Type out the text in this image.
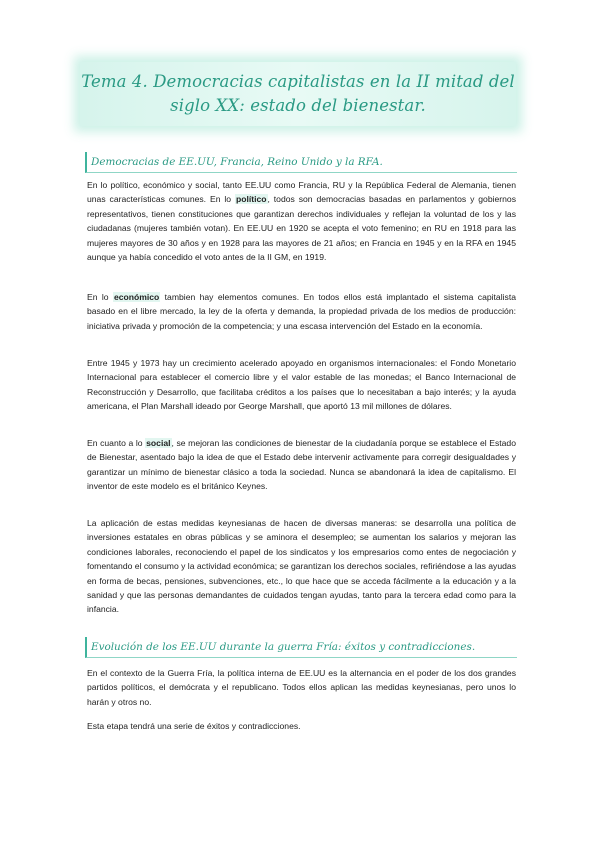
Tema 4. Democracias capitalistas en la II mitad del
siglo XX: estado del bienestar.
Democracias de EE.UU, Francia, Reino Unido y la RFA.

En lo político, económico y social, tanto EE.UU como Francia, RU y la República Federal de Alemania, tienen unas características comunes. En lo político, todos son democracias basadas en parlamentos y gobiernos representativos, tienen constituciones que garantizan derechos individuales y reflejan la voluntad de los y las ciudadanas (mujeres también votan). En EE.UU en 1920 se acepta el voto femenino; en RU en 1918 para las mujeres mayores de 30 años y en 1928 para las mayores de 21 años; en Francia en 1945 y en la RFA en 1945 aunque ya había concedido el voto antes de la II GM, en 1919.

En lo económico tambien hay elementos comunes. En todos ellos está implantado el sistema capitalista basado en el libre mercado, la ley de la oferta y demanda, la propiedad privada de los medios de producción: iniciativa privada y promoción de la competencia; y una escasa intervención del Estado en la economía.

Entre 1945 y 1973 hay un crecimiento acelerado apoyado en organismos internacionales: el Fondo Monetario Internacional para establecer el comercio libre y el valor estable de las monedas; el Banco Internacional de Reconstrucción y Desarrollo, que facilitaba créditos a los países que lo necesitaban a bajo interés; y la ayuda americana, el Plan Marshall ideado por George Marshall, que aportó 13 mil millones de dólares.

En cuanto a lo social, se mejoran las condiciones de bienestar de la ciudadanía porque se establece el Estado de Bienestar, asentado bajo la idea de que el Estado debe intervenir activamente para corregir desigualdades y garantizar un mínimo de bienestar clásico a toda la sociedad. Nunca se abandonará la idea de capitalismo. El inventor de este modelo es el británico Keynes.

La aplicación de estas medidas keynesianas de hacen de diversas maneras: se desarrolla una política de inversiones estatales en obras públicas y se aminora el desempleo; se aumentan los salarios y mejoran las condiciones laborales, reconociendo el papel de los sindicatos y los empresarios como entes de negociación y fomentando el consumo y la actividad económica; se garantizan los derechos sociales, refiriéndose a las ayudas en forma de becas, pensiones, subvenciones, etc., lo que hace que se acceda fácilmente a la educación y a la sanidad y que las personas demandantes de cuidados tengan ayudas, tanto para la tercera edad como para la infancia.

Evolución de los EE.UU durante la guerra Fría: éxitos y contradicciones.

En el contexto de la Guerra Fría, la política interna de EE.UU es la alternancia en el poder de los dos grandes partidos políticos, el demócrata y el republicano. Todos ellos aplican las medidas keynesianas, pero unos lo harán y otros no.

Esta etapa tendrá una serie de éxitos y contradicciones.
